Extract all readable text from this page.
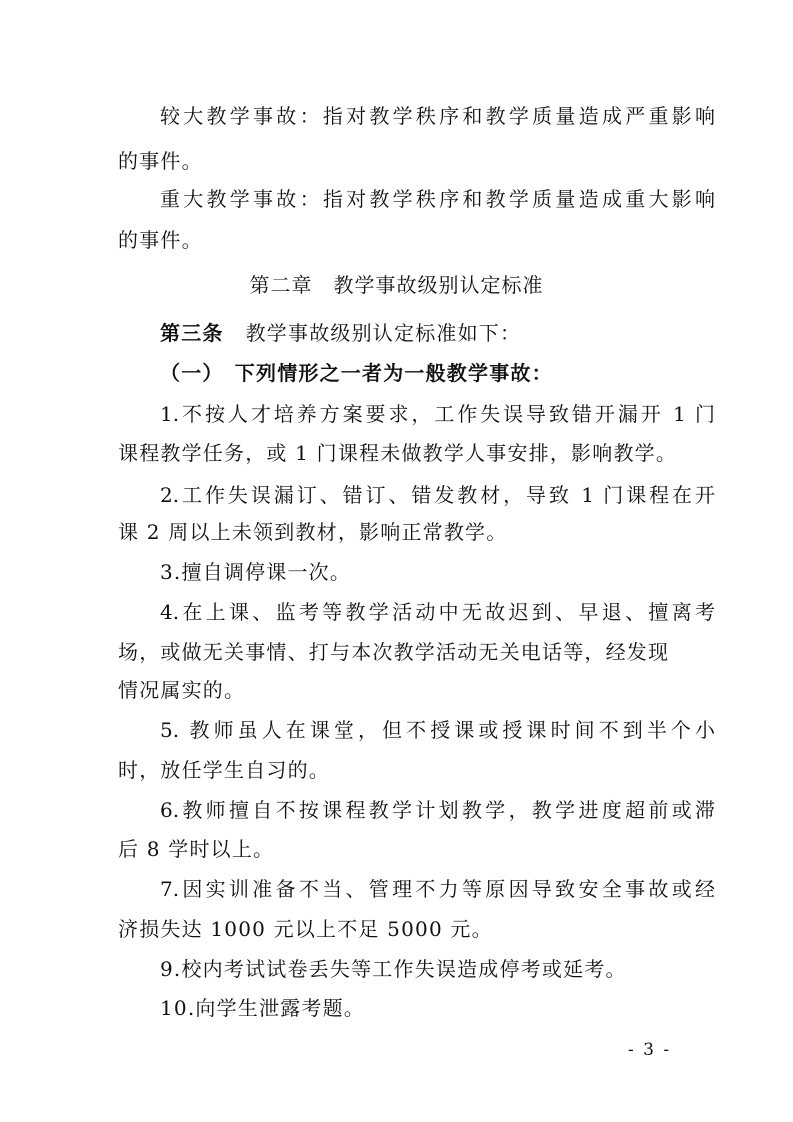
较大教学事故：指对教学秩序和教学质量造成严重影响
的事件。
重大教学事故：指对教学秩序和教学质量造成重大影响
的事件。
第二章　教学事故级别认定标准
第三条 教学事故级别认定标准如下：
（一）　下列情形之一者为一般教学事故：
1.不按人才培养方案要求，工作失误导致错开漏开 1 门
课程教学任务，或 1 门课程未做教学人事安排，影响教学。
2.工作失误漏订、错订、错发教材，导致 1 门课程在开
课 2 周以上未领到教材，影响正常教学。
3.擅自调停课一次。
4.在上课、监考等教学活动中无故迟到、早退、擅离考
场，或做无关事情、打与本次教学活动无关电话等，经发现
情况属实的。
5. 教师虽人在课堂，但不授课或授课时间不到半个小
时，放任学生自习的。
6.教师擅自不按课程教学计划教学，教学进度超前或滞
后 8 学时以上。
7.因实训准备不当、管理不力等原因导致安全事故或经
济损失达 1000 元以上不足 5000 元。
9.校内考试试卷丢失等工作失误造成停考或延考。
10.向学生泄露考题。
- 3 -
